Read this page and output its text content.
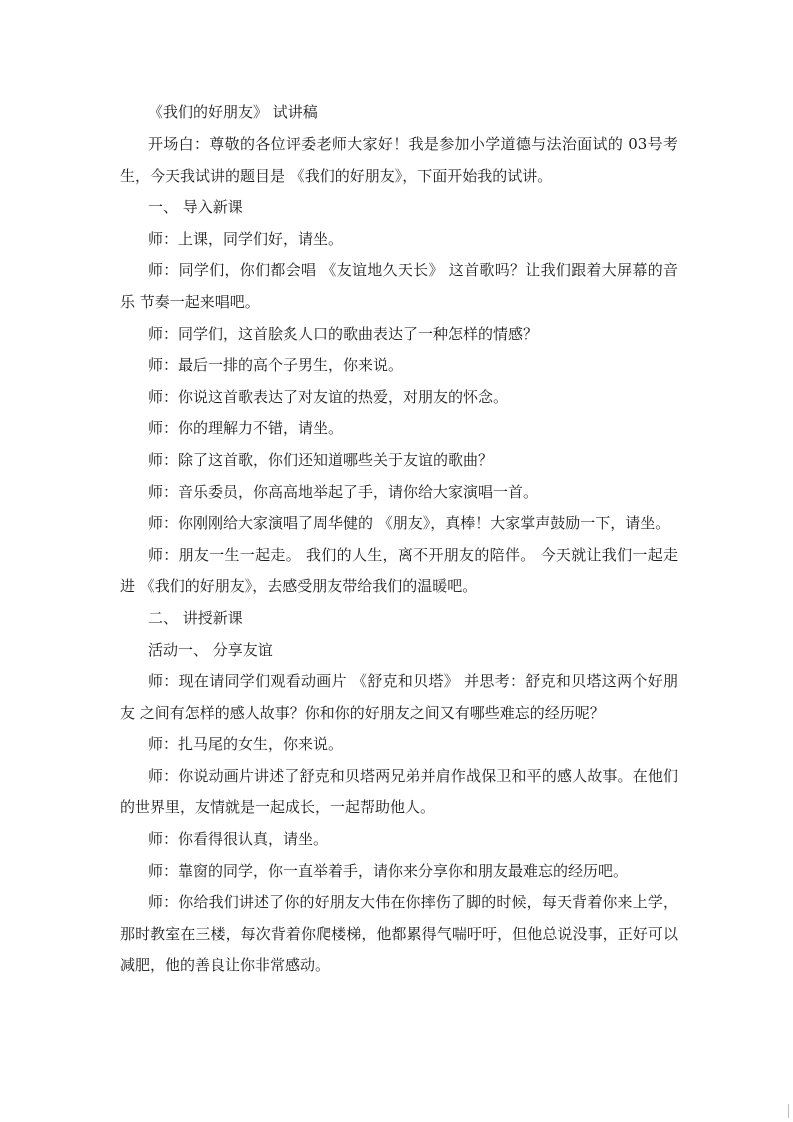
《我们的好朋友》 试讲稿

开场白：尊敬的各位评委老师大家好！我是参加小学道德与法治面试的 03号考 生，今天我试讲的题目是 《我们的好朋友》，下面开始我的试讲。

一、 导入新课

师：上课，同学们好，请坐。

师：同学们，你们都会唱 《友谊地久天长》 这首歌吗？让我们跟着大屏幕的音乐 节奏一起来唱吧。

师：同学们，这首脍炙人口的歌曲表达了一种怎样的情感？

师：最后一排的高个子男生，你来说。

师：你说这首歌表达了对友谊的热爱，对朋友的怀念。

师：你的理解力不错，请坐。

师：除了这首歌，你们还知道哪些关于友谊的歌曲？

师：音乐委员，你高高地举起了手，请你给大家演唱一首。

师：你刚刚给大家演唱了周华健的 《朋友》，真棒！大家掌声鼓励一下，请坐。

师：朋友一生一起走。 我们的人生，离不开朋友的陪伴。 今天就让我们一起走进 《我们的好朋友》，去感受朋友带给我们的温暖吧。

二、 讲授新课

活动一、 分享友谊

师：现在请同学们观看动画片 《舒克和贝塔》 并思考：舒克和贝塔这两个好朋友 之间有怎样的感人故事？你和你的好朋友之间又有哪些难忘的经历呢？

师：扎马尾的女生，你来说。

师：你说动画片讲述了舒克和贝塔两兄弟并肩作战保卫和平的感人故事。在他们的世界里，友情就是一起成长，一起帮助他人。

师：你看得很认真，请坐。

师：靠窗的同学，你一直举着手，请你来分享你和朋友最难忘的经历吧。

师：你给我们讲述了你的好朋友大伟在你摔伤了脚的时候，每天背着你来上学，那时教室在三楼，每次背着你爬楼梯，他都累得气喘吁吁，但他总说没事，正好可以减肥，他的善良让你非常感动。
